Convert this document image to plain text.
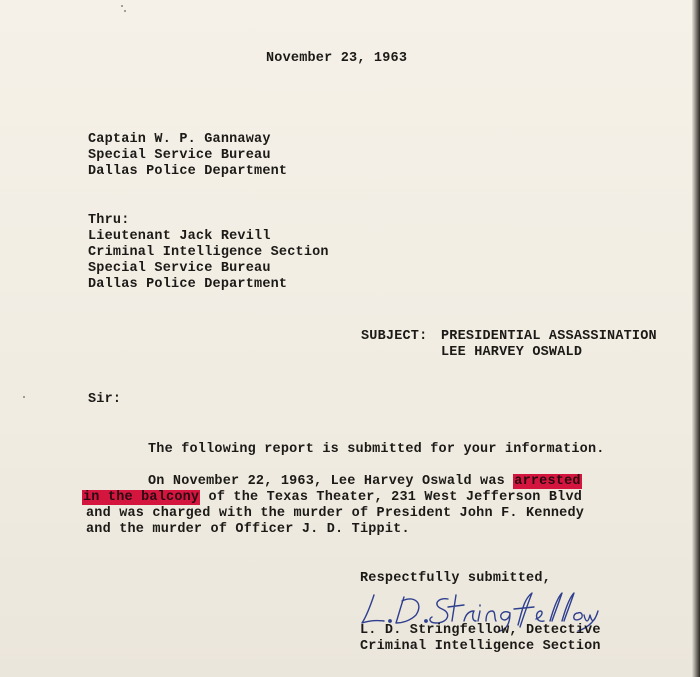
November 23, 1963

Captain W. P. Gannaway

Special Service Bureau

Dallas Police Department

Thru:

Lieutenant Jack Revill

Criminal Intelligence Section

Special Service Bureau

Dallas Police Department

SUBJECT: PRESIDENTIAL ASSASSINATION

LEE HARVEY OSWALD

Sir:

The following report is submitted for your information.

On November 22, 1963, Lee Harvey Oswald was arrested

in the balcony of the Texas Theater, 231 West Jefferson Blvd

and was charged with the murder of President John F. Kennedy

and the murder of Officer J. D. Tippit.

Respectfully submitted,

L. D. Stringfellow, Detective

Criminal Intelligence Section
